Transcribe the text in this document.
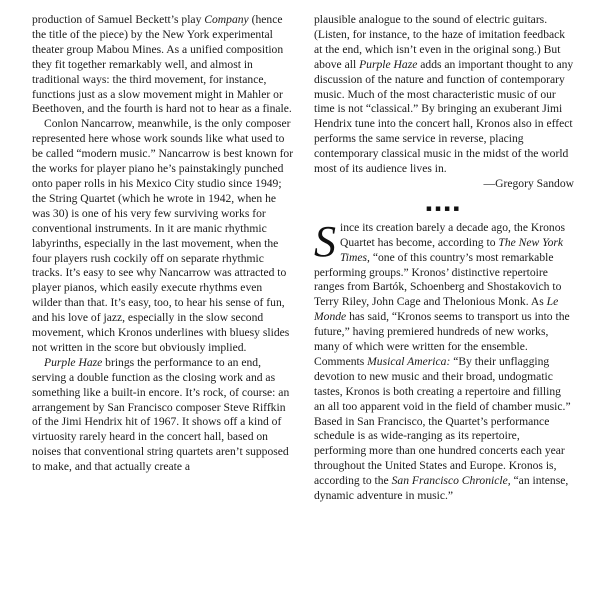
production of Samuel Beckett’s play Company (hence the title of the piece) by the New York experimental theater group Mabou Mines. As a unified composition they fit together remarkably well, and almost in traditional ways: the third movement, for instance, functions just as a slow movement might in Mahler or Beethoven, and the fourth is hard not to hear as a finale.

Conlon Nancarrow, meanwhile, is the only composer represented here whose work sounds like what used to be called “modern music.” Nancarrow is best known for the works for player piano he’s painstakingly punched onto paper rolls in his Mexico City studio since 1949; the String Quartet (which he wrote in 1942, when he was 30) is one of his very few surviving works for conventional instruments. In it are manic rhythmic labyrinths, especially in the last movement, when the four players rush cockily off on separate rhythmic tracks. It’s easy to see why Nancarrow was attracted to player pianos, which easily execute rhythms even wilder than that. It’s easy, too, to hear his sense of fun, and his love of jazz, especially in the slow second movement, which Kronos underlines with bluesy slides not written in the score but obviously implied.

Purple Haze brings the performance to an end, serving a double function as the closing work and as something like a built-in encore. It’s rock, of course: an arrangement by San Francisco composer Steve Riffkin of the Jimi Hendrix hit of 1967. It shows off a kind of virtuosity rarely heard in the concert hall, based on noises that conventional string quartets aren’t supposed to make, and that actually create a

plausible analogue to the sound of electric guitars. (Listen, for instance, to the haze of imitation feedback at the end, which isn’t even in the original song.) But above all Purple Haze adds an important thought to any discussion of the nature and function of contemporary music. Much of the most characteristic music of our time is not “classical.” By bringing an exuberant Jimi Hendrix tune into the concert hall, Kronos also in effect performs the same service in reverse, placing contemporary classical music in the midst of the world most of its audience lives in.

—Gregory Sandow

▪▪▪▪

S ince its creation barely a decade ago, the Kronos Quartet has become, according to The New York Times, “one of this country’s most remarkable performing groups.” Kronos’ distinctive repertoire ranges from Bartók, Schoenberg and Shostakovich to Terry Riley, John Cage and Thelonious Monk. As Le Monde has said, “Kronos seems to transport us into the future,” having premiered hundreds of new works, many of which were written for the ensemble. Comments Musical America: “By their unflagging devotion to new music and their broad, undogmatic tastes, Kronos is both creating a repertoire and filling an all too apparent void in the field of chamber music.” Based in San Francisco, the Quartet’s performance schedule is as wide-ranging as its repertoire, performing more than one hundred concerts each year throughout the United States and Europe. Kronos is, according to the San Francisco Chronicle, “an intense, dynamic adventure in music.”
